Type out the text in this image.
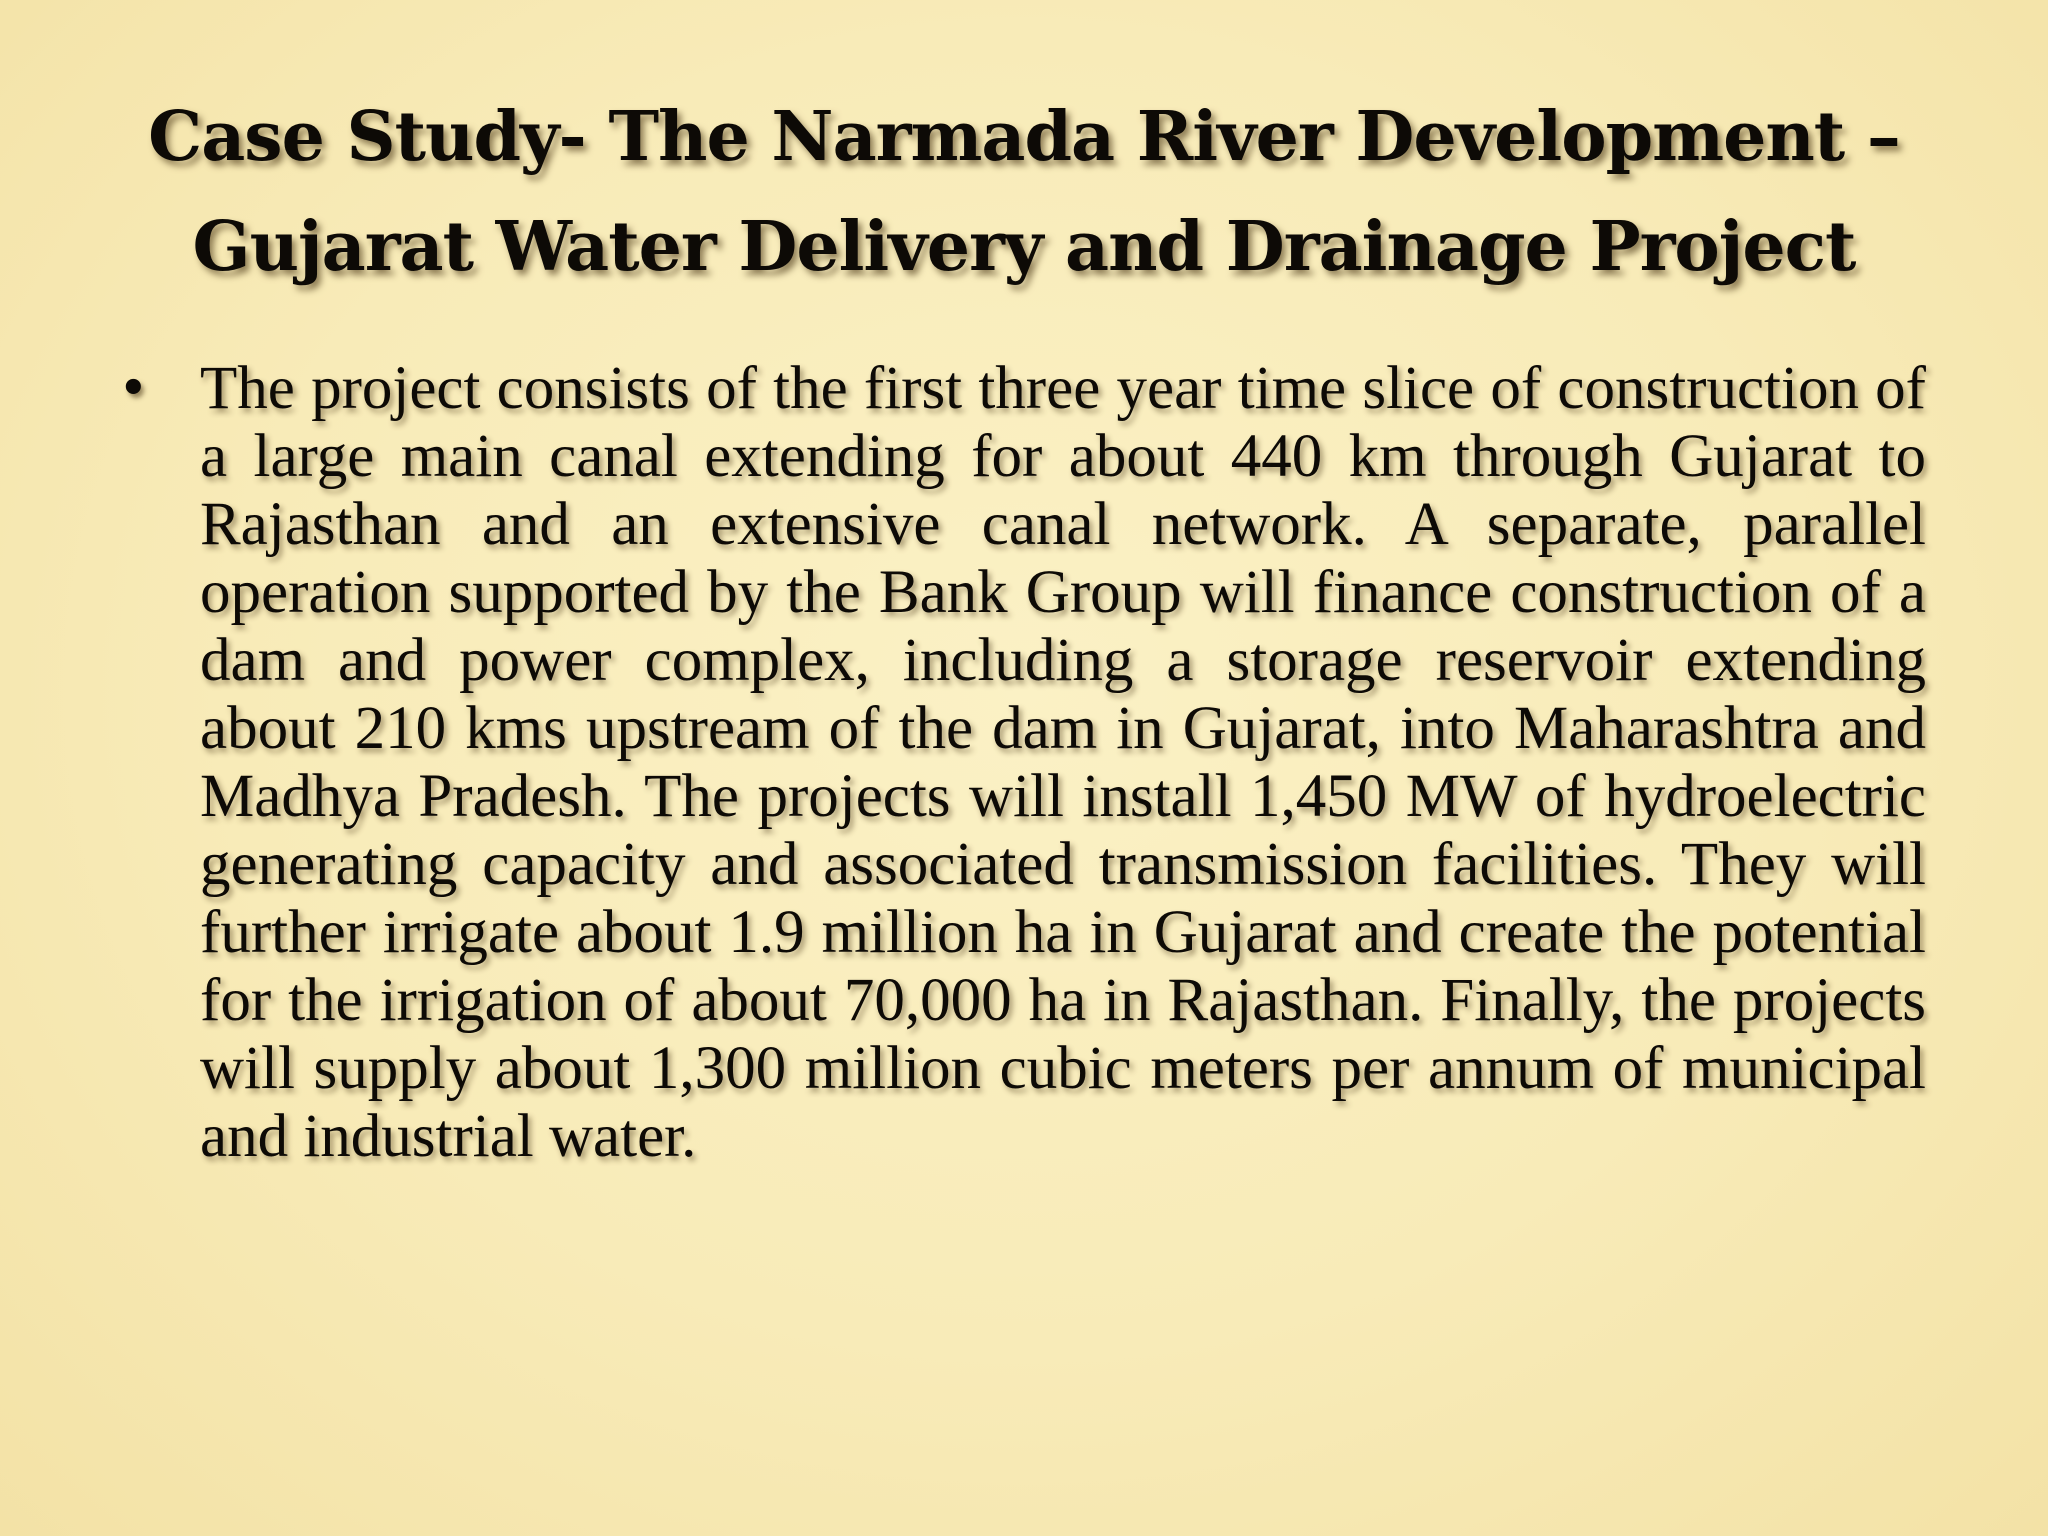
Case Study- The Narmada River Development –
Gujarat Water Delivery and Drainage Project
• The project consists of the first three year time slice of construction of a large main canal extending for about 440 km through Gujarat to Rajasthan and an extensive canal network. A separate, parallel operation supported by the Bank Group will finance construction of a dam and power complex, including a storage reservoir extending about 210 kms upstream of the dam in Gujarat, into Maharashtra and Madhya Pradesh. The projects will install 1,450 MW of hydroelectric generating capacity and associated transmission facilities. They will further irrigate about 1.9 million ha in Gujarat and create the potential for the irrigation of about 70,000 ha in Rajasthan. Finally, the projects will supply about 1,300 million cubic meters per annum of municipal and industrial water.
